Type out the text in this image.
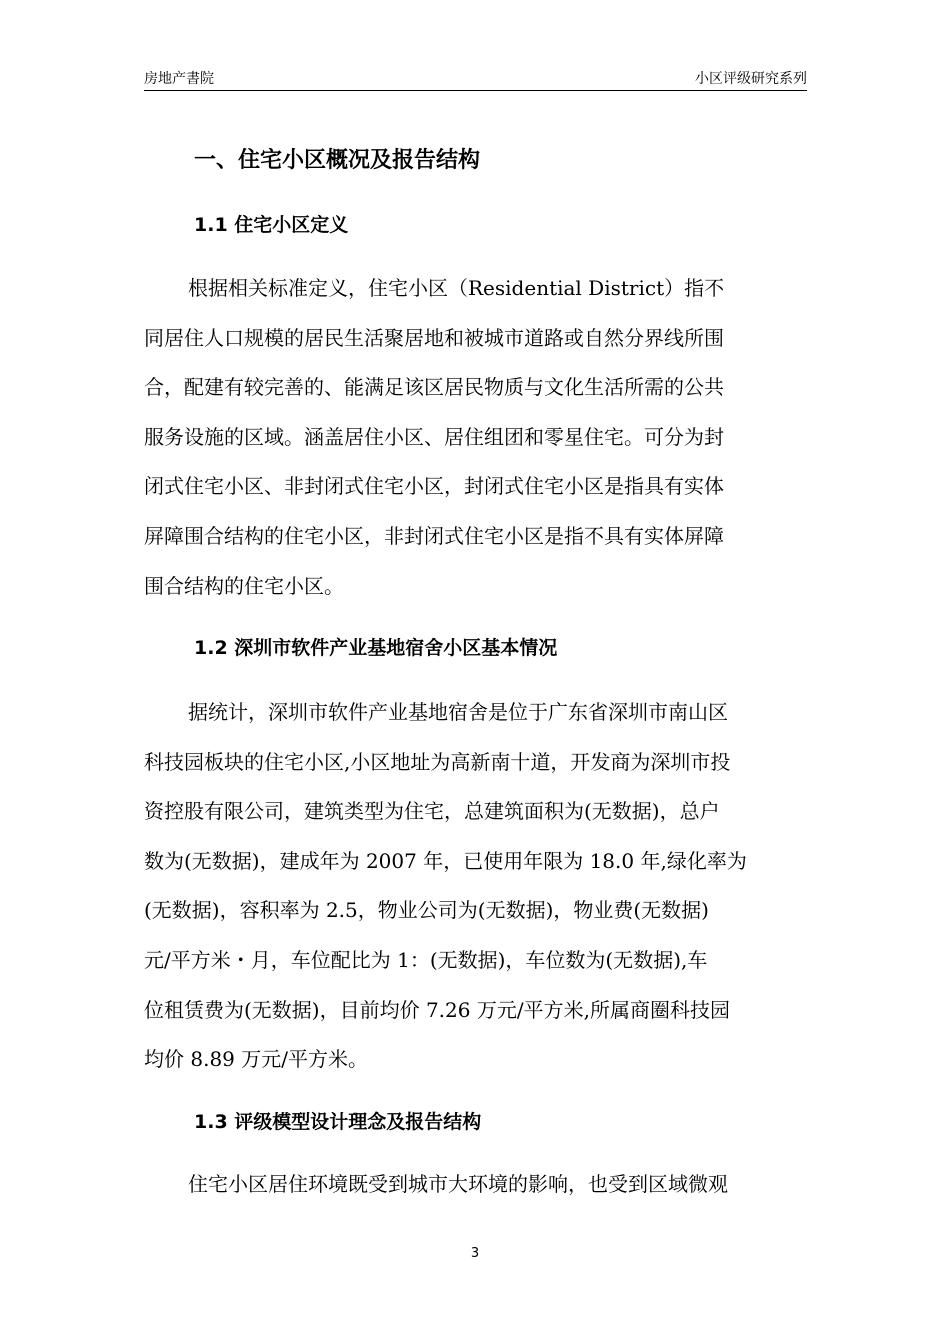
房地产書院	小区评级研究系列
一、住宅小区概况及报告结构
1.1 住宅小区定义
根据相关标准定义，住宅小区（Residential District）指不
同居住人口规模的居民生活聚居地和被城市道路或自然分界线所围
合，配建有较完善的、能满足该区居民物质与文化生活所需的公共
服务设施的区域。涵盖居住小区、居住组团和零星住宅。可分为封
闭式住宅小区、非封闭式住宅小区，封闭式住宅小区是指具有实体
屏障围合结构的住宅小区，非封闭式住宅小区是指不具有实体屏障
围合结构的住宅小区。
1.2 深圳市软件产业基地宿舍小区基本情况
据统计，深圳市软件产业基地宿舍是位于广东省深圳市南山区
科技园板块的住宅小区,小区地址为高新南十道，开发商为深圳市投
资控股有限公司，建筑类型为住宅，总建筑面积为(无数据)，总户
数为(无数据)，建成年为 2007 年，已使用年限为 18.0 年,绿化率为
(无数据)，容积率为 2.5，物业公司为(无数据)，物业费(无数据)
元/平方米・月，车位配比为 1：(无数据)，车位数为(无数据),车
位租赁费为(无数据)，目前均价 7.26 万元/平方米,所属商圈科技园
均价 8.89 万元/平方米。
1.3 评级模型设计理念及报告结构
住宅小区居住环境既受到城市大环境的影响，也受到区域微观
3
